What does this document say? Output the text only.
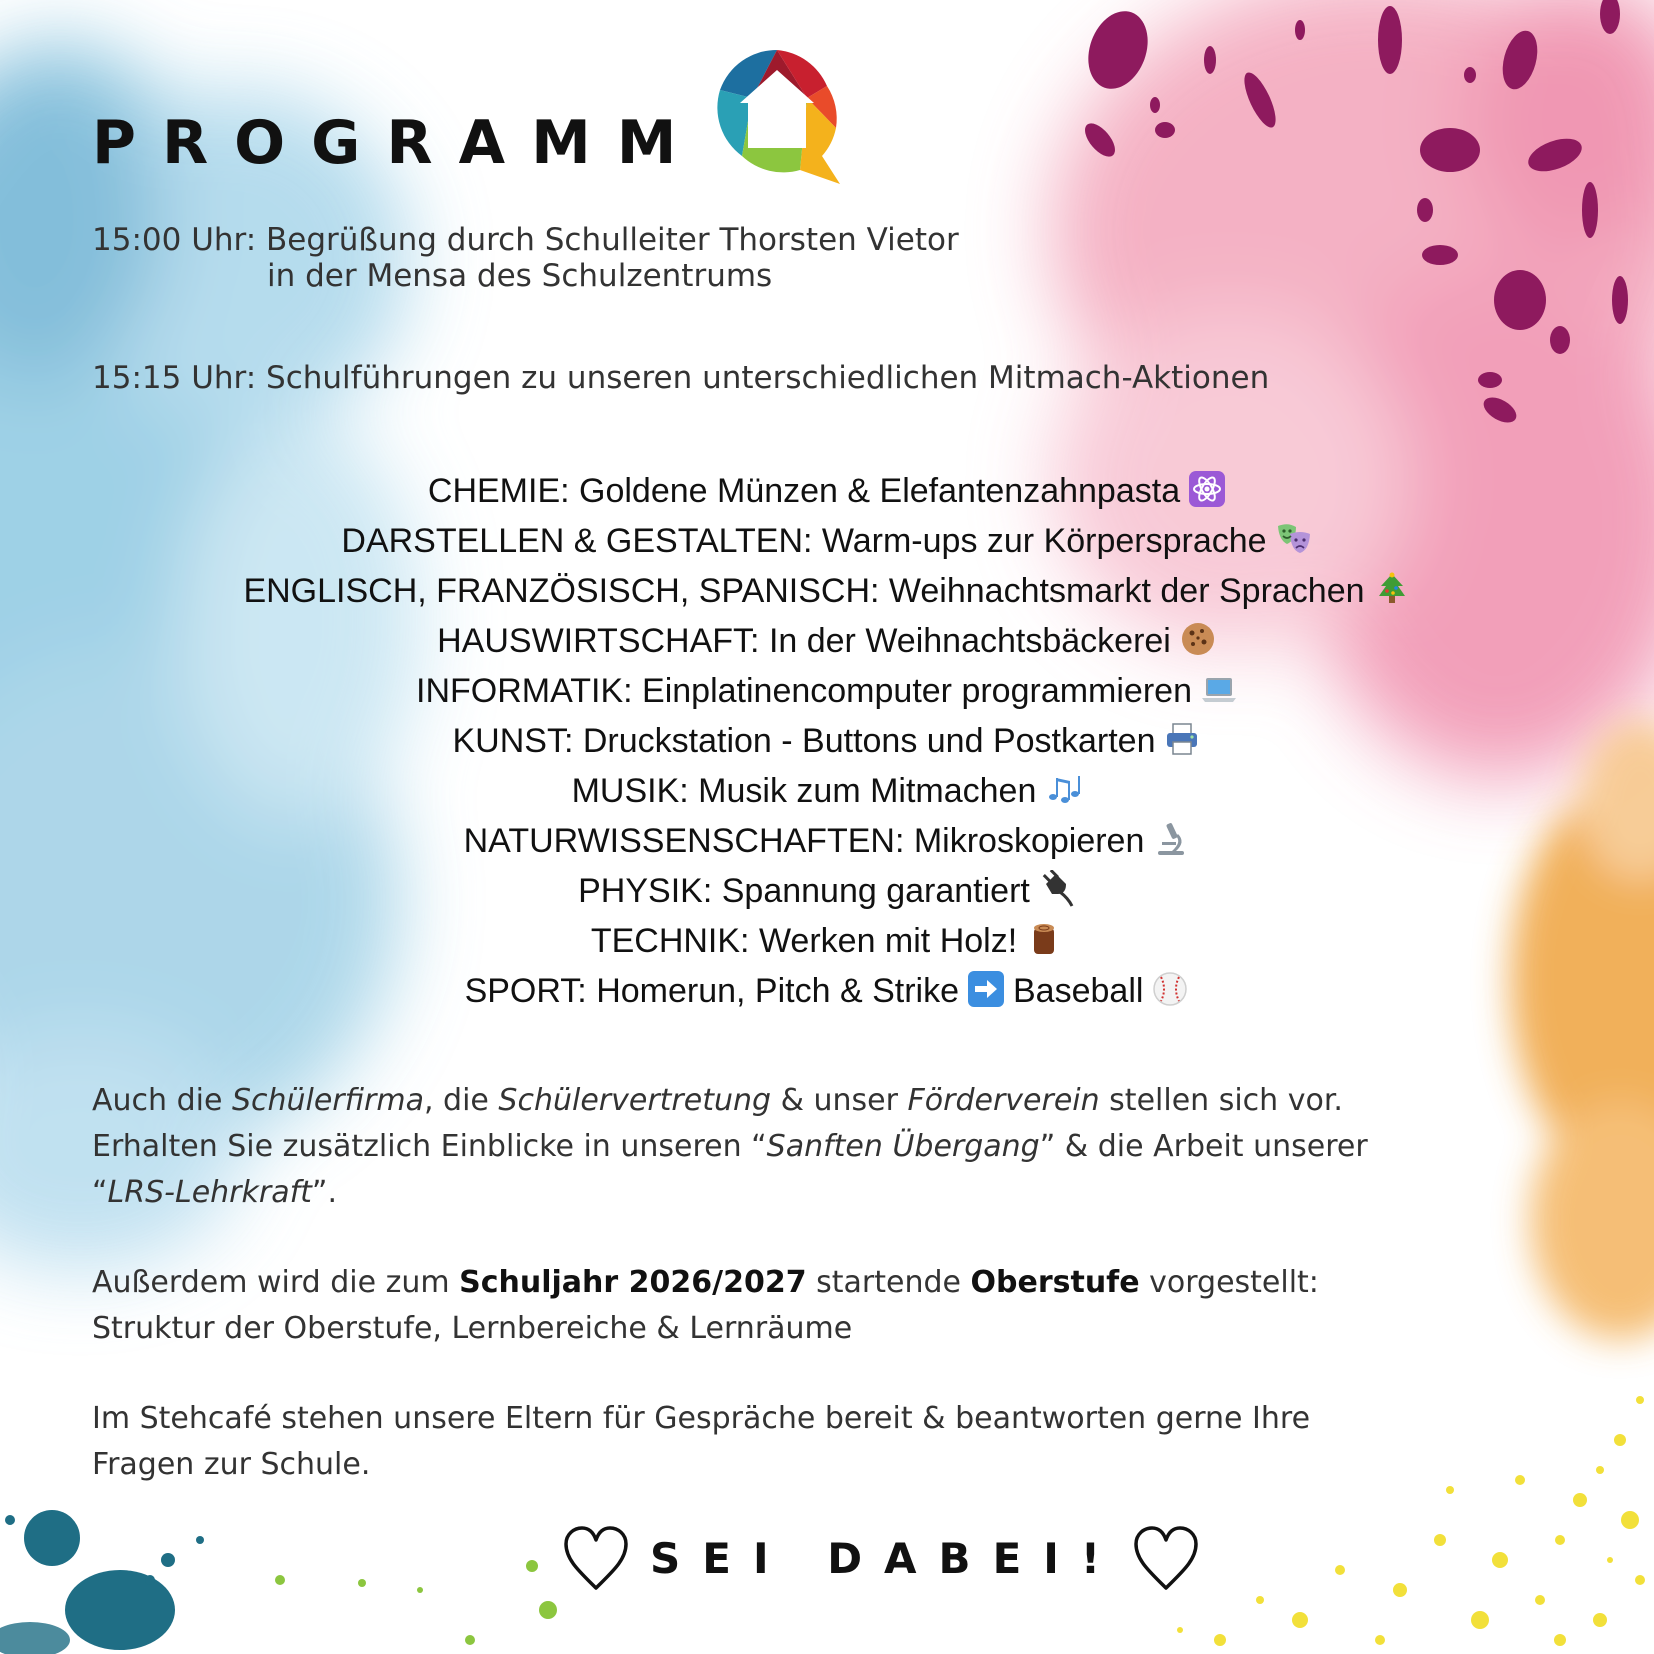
PROGRAMM

15:00 Uhr: Begrüßung durch Schulleiter Thorsten Vietor
in der Mensa des Schulzentrums

15:15 Uhr: Schulführungen zu unseren unterschiedlichen Mitmach-Aktionen

CHEMIE: Goldene Münzen & Elefantenzahnpasta
DARSTELLEN & GESTALTEN: Warm-ups zur Körpersprache
ENGLISCH, FRANZÖSISCH, SPANISCH: Weihnachtsmarkt der Sprachen
HAUSWIRTSCHAFT: In der Weihnachtsbäckerei
INFORMATIK: Einplatinencomputer programmieren
KUNST: Druckstation - Buttons und Postkarten
MUSIK: Musik zum Mitmachen
NATURWISSENSCHAFTEN: Mikroskopieren
PHYSIK: Spannung garantiert
TECHNIK: Werken mit Holz!
SPORT: Homerun, Pitch & Strike Baseball

Auch die Schülerfirma, die Schülervertretung & unser Förderverein stellen sich vor.
Erhalten Sie zusätzlich Einblicke in unseren “Sanften Übergang” & die Arbeit unserer
“LRS-Lehrkraft”.

Außerdem wird die zum Schuljahr 2026/2027 startende Oberstufe vorgestellt:
Struktur der Oberstufe, Lernbereiche & Lernräume

Im Stehcafé stehen unsere Eltern für Gespräche bereit & beantworten gerne Ihre
Fragen zur Schule.

SEI DABEI!
